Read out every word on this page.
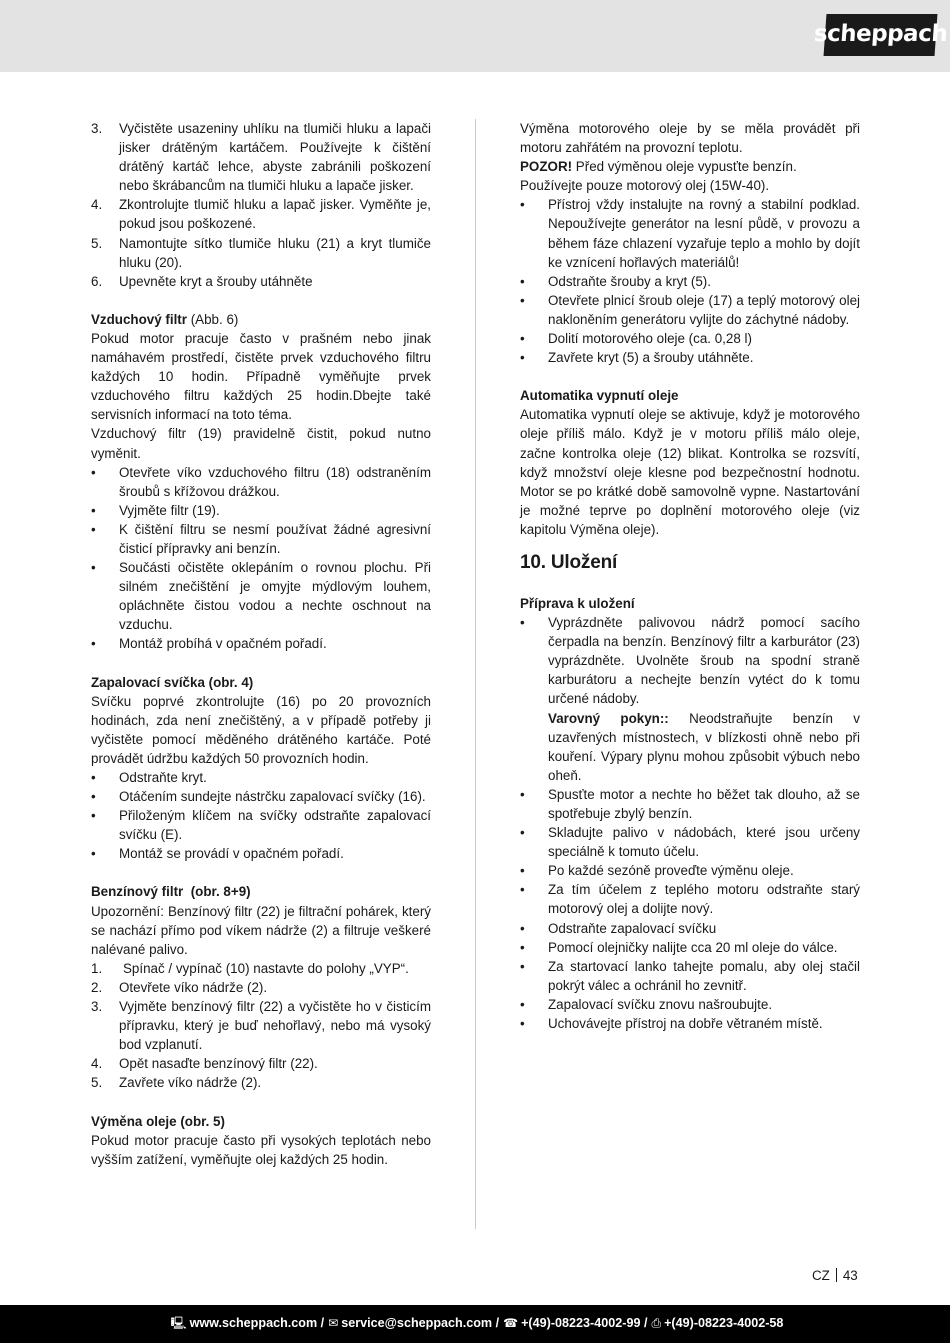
scheppach
3.	Vyčistěte usazeniny uhlíku na tlumiči hluku a lapači jisker drátěným kartáčem. Používejte k čištění drátěný kartáč lehce, abyste zabránili poškození nebo škrábancům na tlumiči hluku a lapače jisker.
4.	Zkontrolujte tlumič hluku a lapač jisker. Vyměňte je, pokud jsou poškozené.
5.	Namontujte sítko tlumiče hluku (21) a kryt tlumiče hluku (20).
6.	Upevněte kryt a šrouby utáhněte
Vzduchový filtr (Abb. 6)

Pokud motor pracuje často v prašném nebo jinak namáhavém prostředí, čistěte prvek vzduchového filtru každých 10 hodin. Případně vyměňujte prvek vzduchového filtru každých 25 hodin.Dbejte také servisních informací na toto téma.

Vzduchový filtr (19) pravidelně čistit, pokud nutno vyměnit.

•	Otevřete víko vzduchového filtru (18) odstraněním šroubů s křížovou drážkou.
•	Vyjměte filtr (19).
•	K čištění filtru se nesmí používat žádné agresivní čisticí přípravky ani benzín.
•	Součásti očistěte oklepáním o rovnou plochu. Při silném znečištění je omyjte mýdlovým louhem, opláchněte čistou vodou a nechte oschnout na vzduchu.
•	Montáž probíhá v opačném pořadí.
Zapalovací svíčka (obr. 4)

Svíčku poprvé zkontrolujte (16) po 20 provozních hodinách, zda není znečištěný, a v případě potřeby ji vyčistěte pomocí měděného drátěného kartáče. Poté provádět údržbu každých 50 provozních hodin.

•	Odstraňte kryt.
•	Otáčením sundejte nástrčku zapalovací svíčky (16).
•	Přiloženým klíčem na svíčky odstraňte zapalovací svíčku (E).
•	Montáž se provádí v opačném pořadí.
Benzínový filtr  (obr. 8+9)

Upozornění: Benzínový filtr (22) je filtrační pohárek, který se nachází přímo pod víkem nádrže (2) a filtruje veškeré nalévané palivo.

1.	Spínač / vypínač (10) nastavte do polohy „VYP“.
2.	Otevřete víko nádrže (2).
3.	Vyjměte benzínový filtr (22) a vyčistěte ho v čisticím přípravku, který je buď nehořlavý, nebo má vysoký bod vzplanutí.
4.	Opět nasaďte benzínový filtr (22).
5.	Zavřete víko nádrže (2).
Výměna oleje (obr. 5)

Pokud motor pracuje často při vysokých teplotách nebo vyšším zatížení, vyměňujte olej každých 25 hodin.

Výměna motorového oleje by se měla provádět při motoru zahřátém na provozní teplotu.

POZOR! Před výměnou oleje vypusťte benzín.

Používejte pouze motorový olej (15W-40).

•	Přístroj vždy instalujte na rovný a stabilní podklad. Nepoužívejte generátor na lesní půdě, v provozu a během fáze chlazení vyzařuje teplo a mohlo by dojít ke vznícení hořlavých materiálů!
•	Odstraňte šrouby a kryt (5).
•	Otevřete plnicí šroub oleje (17) a teplý motorový olej nakloněním generátoru vylijte do záchytné nádoby.
•	Dolití motorového oleje (ca. 0,28 l)
•	Zavřete kryt (5) a šrouby utáhněte.
Automatika vypnutí oleje

Automatika vypnutí oleje se aktivuje, když je motorového oleje příliš málo. Když je v motoru příliš málo oleje, začne kontrolka oleje (12) blikat. Kontrolka se rozsvítí, když množství oleje klesne pod bezpečnostní hodnotu. Motor se po krátké době samovolně vypne. Nastartování je možné teprve po doplnění motorového oleje (viz kapitolu Výměna oleje).

10. Uložení
Příprava k uložení
•	Vyprázdněte palivovou nádrž pomocí sacího čerpadla na benzín. Benzínový filtr a karburátor (23) vyprázdněte. Uvolněte šroub na spodní straně karburátoru a nechejte benzín vytéct do k tomu určené nádoby.
Varovný pokyn:: Neodstraňujte benzín v uzavřených místnostech, v blízkosti ohně nebo při kouření. Výpary plynu mohou způsobit výbuch nebo oheň.
•	Spusťte motor a nechte ho běžet tak dlouho, až se spotřebuje zbylý benzín.
•	Skladujte palivo v nádobách, které jsou určeny speciálně k tomuto účelu.
•	Po každé sezóně proveďte výměnu oleje.
•	Za tím účelem z teplého motoru odstraňte starý motorový olej a dolijte nový.
•	Odstraňte zapalovací svíčku
•	Pomocí olejničky nalijte cca 20 ml oleje do válce.
•	Za startovací lanko tahejte pomalu, aby olej stačil pokrýt válec a ochránil ho zevnitř.
•	Zapalovací svíčku znovu našroubujte.
•	Uchovávejte přístroj na dobře větraném místě.
CZ 43
🖳 www.scheppach.com / ✉ service@scheppach.com / ☎ +(49)-08223-4002-99 / ⎙ +(49)-08223-4002-58
